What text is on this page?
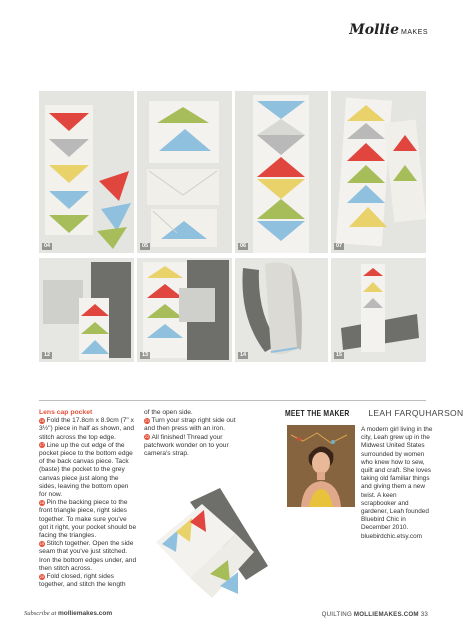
Mollie MAKES
04	05	06	07
12	13	14	15

Lens cap pocket

16 Fold the 17.8cm x 8.9cm (7" x 3½") piece in half as shown, and stitch across the top edge.

17 Line up the cut edge of the pocket piece to the bottom edge of the back canvas piece. Tack (baste) the pocket to the grey canvas piece just along the sides, leaving the bottom open for now.

18 Pin the backing piece to the front triangle piece, right sides together. To make sure you've got it right, your pocket should be facing the triangles.

19 Stitch together. Open the side seam that you've just stitched. Iron the bottom edges under, and then stitch across.

20 Fold closed, right sides together, and stitch the length

of the open side.

21 Turn your strap right side out and then press with an iron.

22 All finished! Thread your patchwork wonder on to your camera's strap.

MEET THE MAKER LEAH FARQUHARSON
A modern girl living in the city, Leah grew up in the Midwest United States surrounded by women who knew how to sew, quilt and craft. She loves taking old familiar things and giving them a new twist. A keen scrapbooker and gardener, Leah founded Bluebird Chic in December 2010. bluebirdchic.etsy.com
Subscribe at molliemakes.com	QUILTING MOLLIEMAKES.COM 33
